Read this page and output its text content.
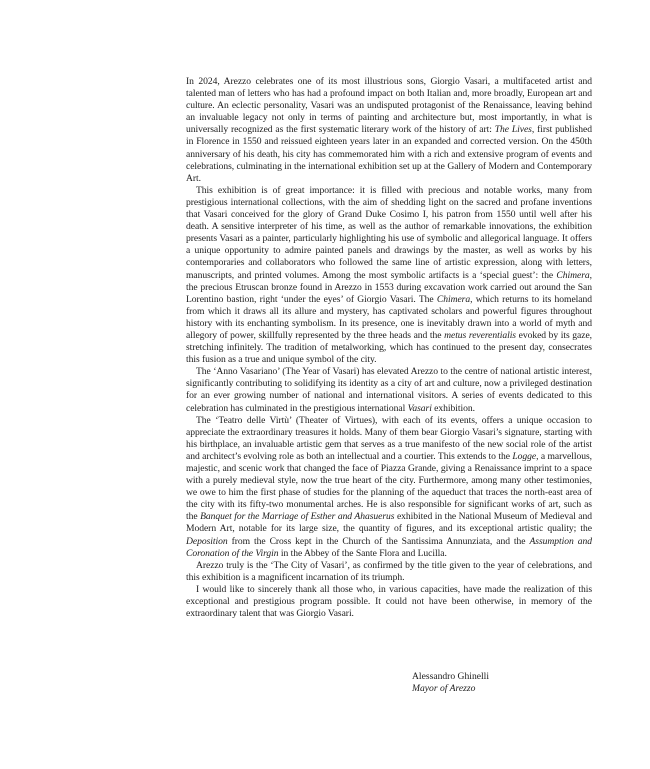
In 2024, Arezzo celebrates one of its most illustrious sons, Giorgio Vasari, a multifaceted artist and talented man of letters who has had a profound impact on both Italian and, more broadly, European art and culture. An eclectic personality, Vasari was an undisputed protagonist of the Renaissance, leaving behind an invaluable legacy not only in terms of painting and architecture but, most importantly, in what is universally recognized as the first systematic literary work of the history of art: The Lives, first published in Florence in 1550 and reissued eighteen years later in an expanded and corrected version. On the 450th anniversary of his death, his city has commemorated him with a rich and extensive program of events and celebrations, culminating in the international exhibition set up at the Gallery of Modern and Contemporary Art.

This exhibition is of great importance: it is filled with precious and notable works, many from prestigious international collections, with the aim of shedding light on the sacred and profane inventions that Vasari conceived for the glory of Grand Duke Cosimo I, his patron from 1550 until well after his death. A sensitive interpreter of his time, as well as the author of remarkable innovations, the exhibition presents Vasari as a painter, particularly highlighting his use of symbolic and allegorical language. It offers a unique opportunity to admire painted panels and drawings by the master, as well as works by his contemporaries and collaborators who followed the same line of artistic expression, along with letters, manuscripts, and printed volumes. Among the most symbolic artifacts is a ‘special guest’: the Chimera, the precious Etruscan bronze found in Arezzo in 1553 during excavation work carried out around the San Lorentino bastion, right ‘under the eyes’ of Giorgio Vasari. The Chimera, which returns to its homeland from which it draws all its allure and mystery, has captivated scholars and powerful figures throughout history with its enchanting symbolism. In its presence, one is inevitably drawn into a world of myth and allegory of power, skillfully represented by the three heads and the metus reverentialis evoked by its gaze, stretching infinitely. The tradition of metalworking, which has continued to the present day, consecrates this fusion as a true and unique symbol of the city.

The ‘Anno Vasariano’ (The Year of Vasari) has elevated Arezzo to the centre of national artistic interest, significantly contributing to solidifying its identity as a city of art and culture, now a privileged destination for an ever growing number of national and international visitors. A series of events dedicated to this celebration has culminated in the prestigious international Vasari exhibition.

The ‘Teatro delle Virtù’ (Theater of Virtues), with each of its events, offers a unique occasion to appreciate the extraordinary treasures it holds. Many of them bear Giorgio Vasari’s signature, starting with his birthplace, an invaluable artistic gem that serves as a true manifesto of the new social role of the artist and architect’s evolving role as both an intellectual and a courtier. This extends to the Logge, a marvellous, majestic, and scenic work that changed the face of Piazza Grande, giving a Renaissance imprint to a space with a purely medieval style, now the true heart of the city. Furthermore, among many other testimonies, we owe to him the first phase of studies for the planning of the aqueduct that traces the north-east area of the city with its fifty-two monumental arches. He is also responsible for significant works of art, such as the Banquet for the Marriage of Esther and Ahasuerus exhibited in the National Museum of Medieval and Modern Art, notable for its large size, the quantity of figures, and its exceptional artistic quality; the Deposition from the Cross kept in the Church of the Santissima Annunziata, and the Assumption and Coronation of the Virgin in the Abbey of the Sante Flora and Lucilla.

Arezzo truly is the ‘The City of Vasari’, as confirmed by the title given to the year of celebrations, and this exhibition is a magnificent incarnation of its triumph.

I would like to sincerely thank all those who, in various capacities, have made the realization of this exceptional and prestigious program possible. It could not have been otherwise, in memory of the extraordinary talent that was Giorgio Vasari.

Alessandro Ghinelli
Mayor of Arezzo
